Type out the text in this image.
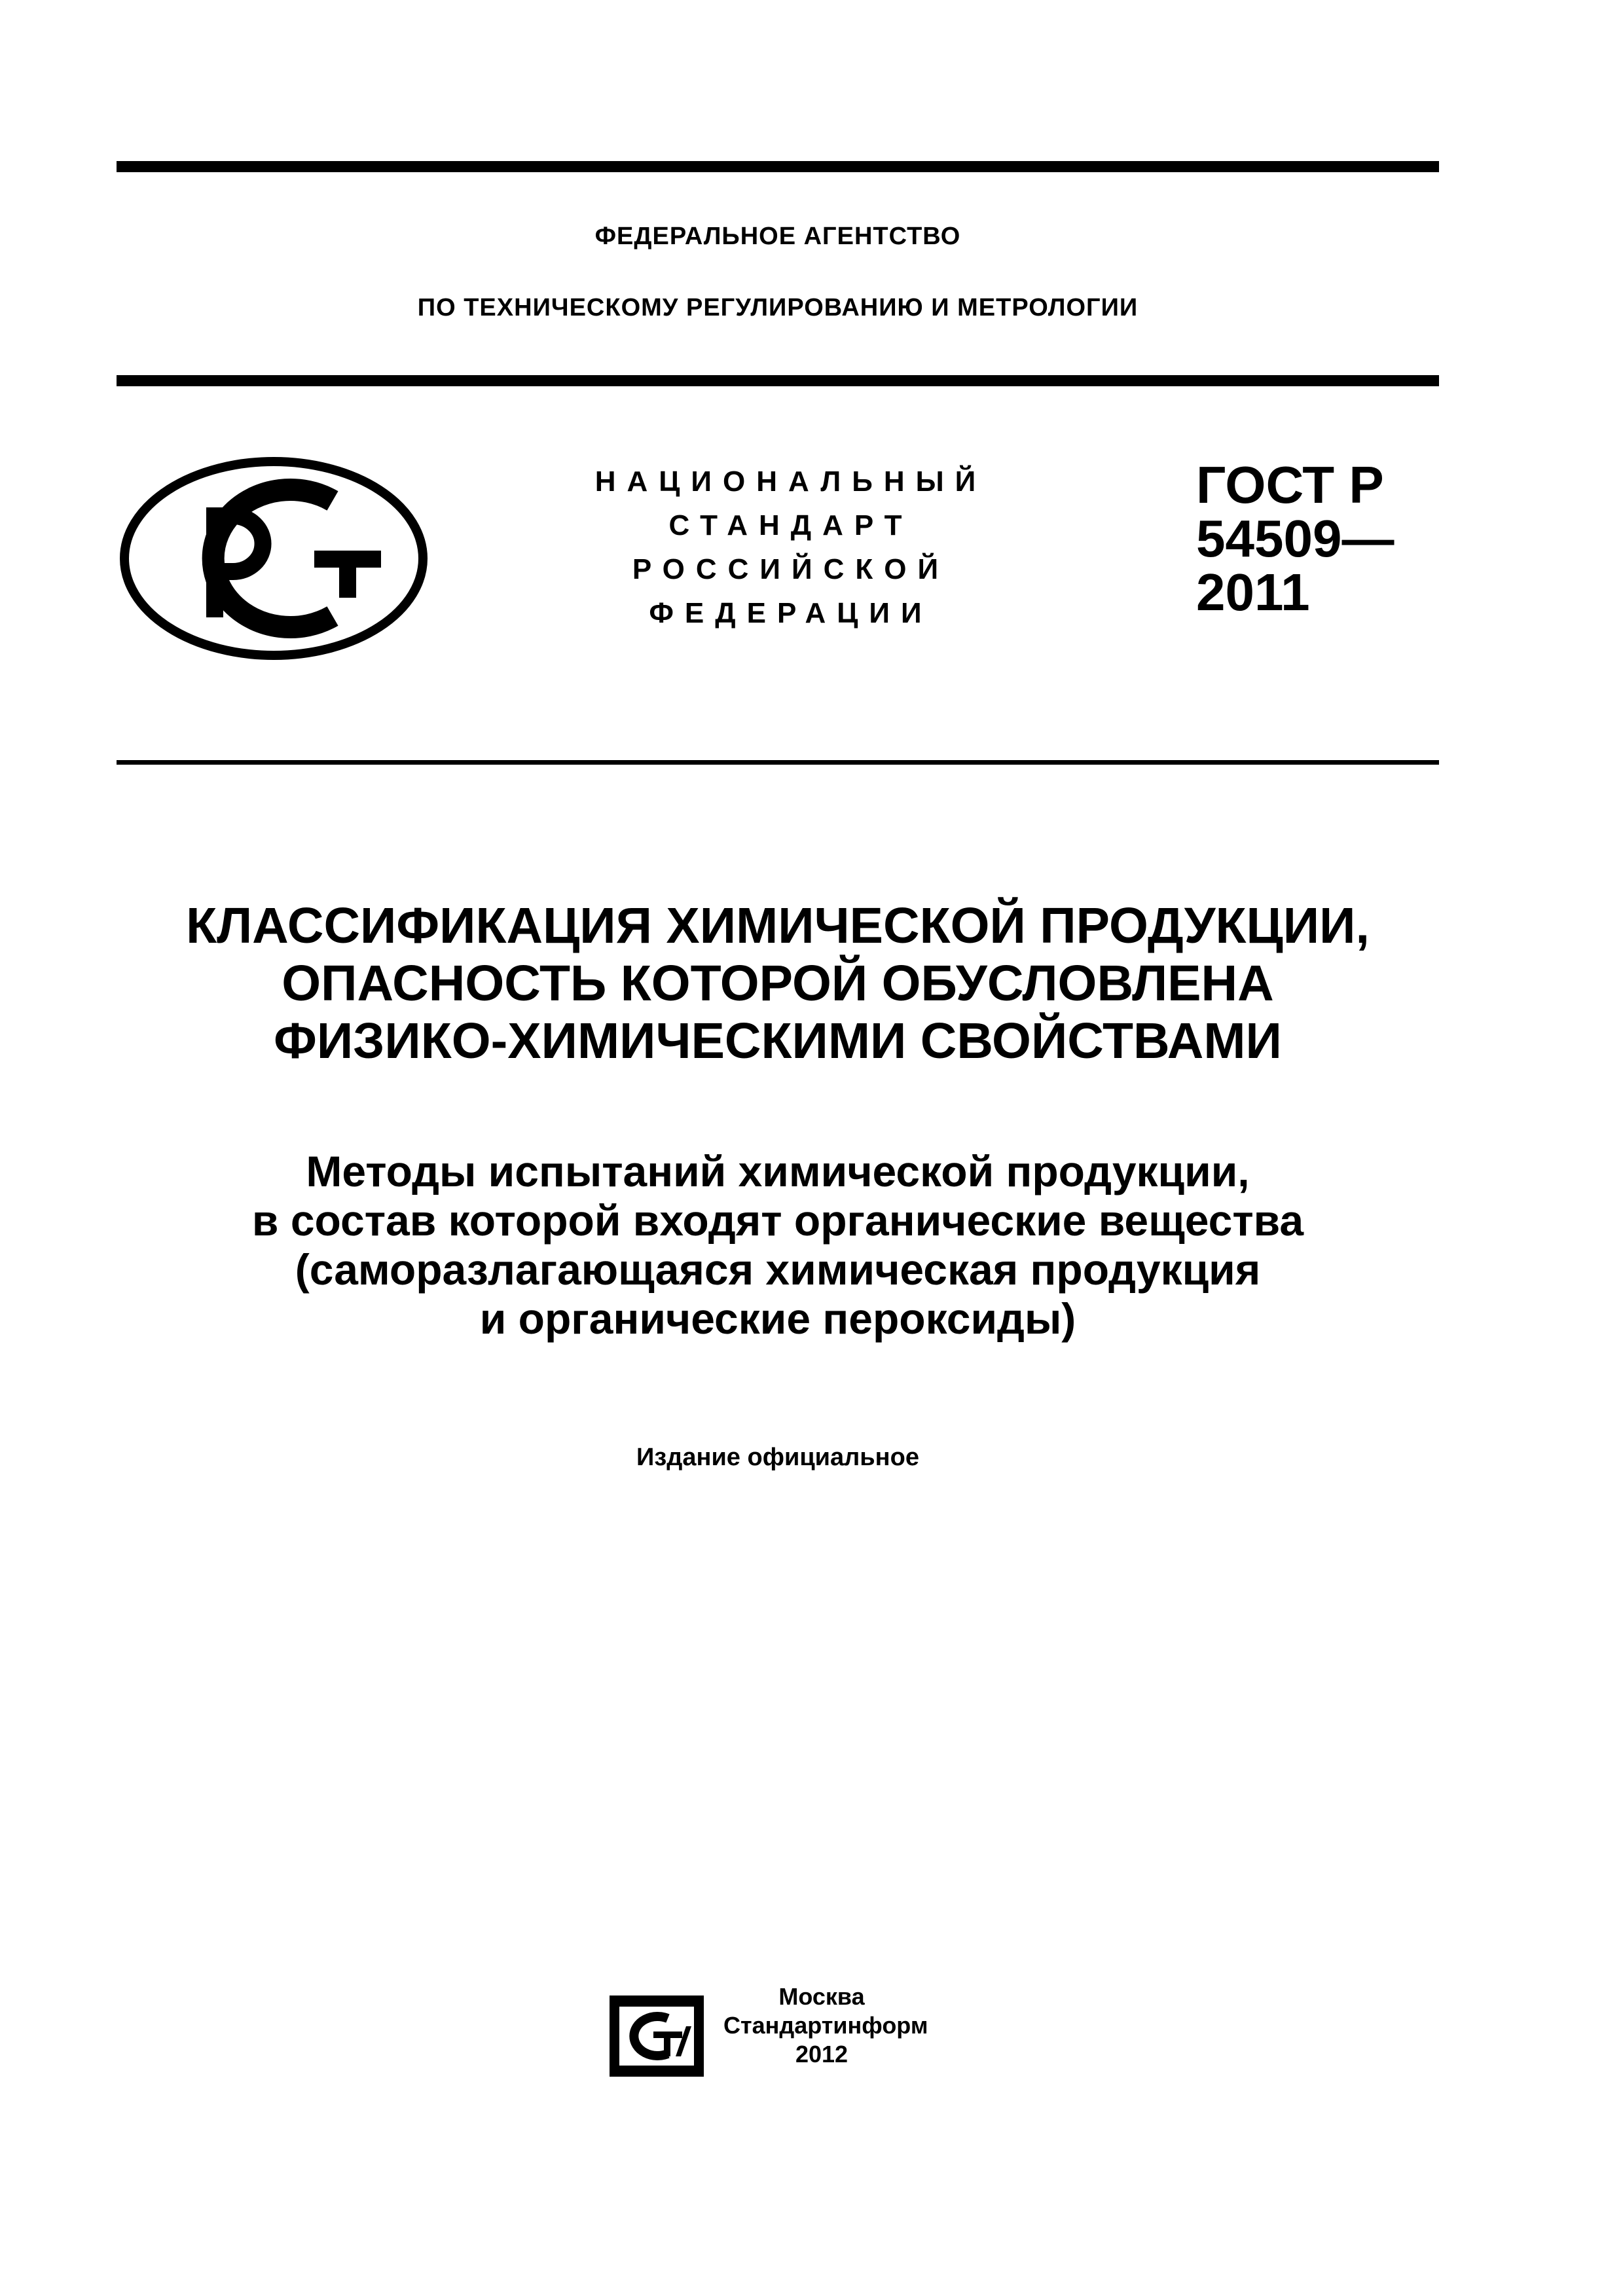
ФЕДЕРАЛЬНОЕ АГЕНТСТВО
ПО ТЕХНИЧЕСКОМУ РЕГУЛИРОВАНИЮ И МЕТРОЛОГИИ
НАЦИОНАЛЬНЫЙ
СТАНДАРТ
РОССИЙСКОЙ
ФЕДЕРАЦИИ
ГОСТ Р
54509—
2011
КЛАССИФИКАЦИЯ ХИМИЧЕСКОЙ ПРОДУКЦИИ,
ОПАСНОСТЬ КОТОРОЙ ОБУСЛОВЛЕНА
ФИЗИКО-ХИМИЧЕСКИМИ СВОЙСТВАМИ
Методы испытаний химической продукции,
в состав которой входят органические вещества
(саморазлагающаяся химическая продукция
и органические пероксиды)
Издание официальное
Москва
Стандартинформ
2012
